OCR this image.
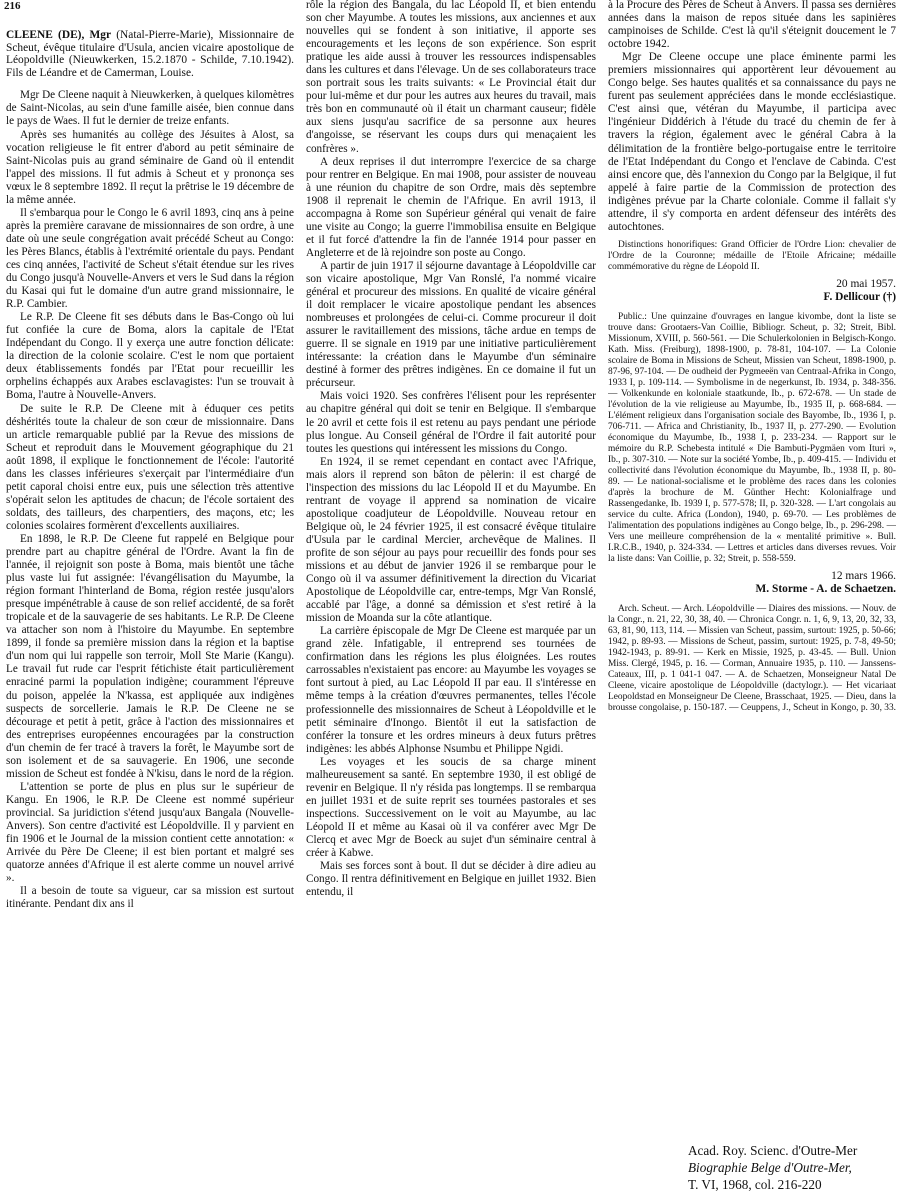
216

CLEENE (DE), Mgr (Natal-Pierre-Marie), Missionnaire de Scheut, évêque titulaire d'Usula, ancien vicaire apostolique de Léopoldville (Nieuwkerken, 15.2.1870 - Schilde, 7.10.1942). Fils de Léandre et de Camerman, Louise.

Mgr De Cleene naquit à Nieuwkerken, à quelques kilomètres de Saint-Nicolas, au sein d'une famille aisée, bien connue dans le pays de Waes. Il fut le dernier de treize enfants.

Après ses humanités au collège des Jésuites à Alost, sa vocation religieuse le fit entrer d'abord au petit séminaire de Saint-Nicolas puis au grand séminaire de Gand où il entendit l'appel des missions. Il fut admis à Scheut et y prononça ses vœux le 8 septembre 1892. Il reçut la prêtrise le 19 décembre de la même année.

Il s'embarqua pour le Congo le 6 avril 1893, cinq ans à peine après la première caravane de missionnaires de son ordre, à une date où une seule congrégation avait précédé Scheut au Congo: les Pères Blancs, établis à l'extrémité orientale du pays. Pendant ces cinq années, l'activité de Scheut s'était étendue sur les rives du Congo jusqu'à Nouvelle-Anvers et vers le Sud dans la région du Kasai qui fut le domaine d'un autre grand missionnaire, le R.P. Cambier.

Le R.P. De Cleene fit ses débuts dans le Bas-Congo où lui fut confiée la cure de Boma, alors la capitale de l'Etat Indépendant du Congo. Il y exerça une autre fonction délicate: la direction de la colonie scolaire. C'est le nom que portaient deux établissements fondés par l'Etat pour recueillir les orphelins échappés aux Arabes esclavagistes: l'un se trouvait à Boma, l'autre à Nouvelle-Anvers.

De suite le R.P. De Cleene mit à éduquer ces petits déshérités toute la chaleur de son cœur de missionnaire. Dans un article remarquable publié par la Revue des missions de Scheut et reproduit dans le Mouvement géographique du 21 août 1898, il explique le fonctionnement de l'école: l'autorité dans les classes inférieures s'exerçait par l'intermédiaire d'un petit caporal choisi entre eux, puis une sélection très attentive s'opérait selon les aptitudes de chacun; de l'école sortaient des soldats, des tailleurs, des charpentiers, des maçons, etc; les colonies scolaires formèrent d'excellents auxiliaires.

En 1898, le R.P. De Cleene fut rappelé en Belgique pour prendre part au chapitre général de l'Ordre. Avant la fin de l'année, il rejoignit son poste à Boma, mais bientôt une tâche plus vaste lui fut assignée: l'évangélisation du Mayumbe, la région formant l'hinterland de Boma, région restée jusqu'alors presque impénétrable à cause de son relief accidenté, de sa forêt tropicale et de la sauvagerie de ses habitants. Le R.P. De Cleene va attacher son nom à l'histoire du Mayumbe. En septembre 1899, il fonde sa première mission dans la région et la baptise d'un nom qui lui rappelle son terroir, Moll Ste Marie (Kangu). Le travail fut rude car l'esprit fétichiste était particulièrement enraciné parmi la population indigène; couramment l'épreuve du poison, appelée la N'kassa, est appliquée aux indigènes suspects de sorcellerie. Jamais le R.P. De Cleene ne se décourage et petit à petit, grâce à l'action des missionnaires et des entreprises européennes encouragées par la construction d'un chemin de fer tracé à travers la forêt, le Mayumbe sort de son isolement et de sa sauvagerie. En 1906, une seconde mission de Scheut est fondée à N'kisu, dans le nord de la région.

L'attention se porte de plus en plus sur le supérieur de Kangu. En 1906, le R.P. De Cleene est nommé supérieur provincial. Sa juridiction s'étend jusqu'aux Bangala (Nouvelle-Anvers). Son centre d'activité est Léopoldville. Il y parvient en fin 1906 et le Journal de la mission contient cette annotation: « Arrivée du Père De Cleene; il est bien portant et malgré ses quatorze années d'Afrique il est alerte comme un nouvel arrivé ».

Il a besoin de toute sa vigueur, car sa mission est surtout itinérante. Pendant dix ans il

rôle la région des Bangala, du lac Léopold II, et bien entendu son cher Mayumbe. A toutes les missions, aux anciennes et aux nouvelles qui se fondent à son initiative, il apporte ses encouragements et les leçons de son expérience. Son esprit pratique les aide aussi à trouver les ressources indispensables dans les cultures et dans l'élevage. Un de ses collaborateurs trace son portrait sous les traits suivants: « Le Provincial était dur pour lui-même et dur pour les autres aux heures du travail, mais très bon en communauté où il était un charmant causeur; fidèle aux siens jusqu'au sacrifice de sa personne aux heures d'angoisse, se réservant les coups durs qui menaçaient les confrères ».

A deux reprises il dut interrompre l'exercice de sa charge pour rentrer en Belgique. En mai 1908, pour assister de nouveau à une réunion du chapitre de son Ordre, mais dès septembre 1908 il reprenait le chemin de l'Afrique. En avril 1913, il accompagna à Rome son Supérieur général qui venait de faire une visite au Congo; la guerre l'immobilisa ensuite en Belgique et il fut forcé d'attendre la fin de l'année 1914 pour passer en Angleterre et de là rejoindre son poste au Congo.

A partir de juin 1917 il séjourne davantage à Léopoldville car son vicaire apostolique, Mgr Van Ronslé, l'a nommé vicaire général et procureur des missions. En qualité de vicaire général il doit remplacer le vicaire apostolique pendant les absences nombreuses et prolongées de celui-ci. Comme procureur il doit assurer le ravitaillement des missions, tâche ardue en temps de guerre. Il se signale en 1919 par une initiative particulièrement intéressante: la création dans le Mayumbe d'un séminaire destiné à former des prêtres indigènes. En ce domaine il fut un précurseur.

Mais voici 1920. Ses confrères l'élisent pour les représenter au chapitre général qui doit se tenir en Belgique. Il s'embarque le 20 avril et cette fois il est retenu au pays pendant une période plus longue. Au Conseil général de l'Ordre il fait autorité pour toutes les questions qui intéressent les missions du Congo.

En 1924, il se remet cependant en contact avec l'Afrique, mais alors il reprend son bâton de pèlerin: il est chargé de l'inspection des missions du lac Léopold II et du Mayumbe. En rentrant de voyage il apprend sa nomination de vicaire apostolique coadjuteur de Léopoldville. Nouveau retour en Belgique où, le 24 février 1925, il est consacré évêque titulaire d'Usula par le cardinal Mercier, archevêque de Malines. Il profite de son séjour au pays pour recueillir des fonds pour ses missions et au début de janvier 1926 il se rembarque pour le Congo où il va assumer définitivement la direction du Vicariat Apostolique de Léopoldville car, entre-temps, Mgr Van Ronslé, accablé par l'âge, a donné sa démission et s'est retiré à la mission de Moanda sur la côte atlantique.

La carrière épiscopale de Mgr De Cleene est marquée par un grand zèle. Infatigable, il entreprend ses tournées de confirmation dans les régions les plus éloignées. Les routes carrossables n'existaient pas encore: au Mayumbe les voyages se font surtout à pied, au Lac Léopold II par eau. Il s'intéresse en même temps à la création d'œuvres permanentes, telles l'école professionnelle des missionnaires de Scheut à Léopoldville et le petit séminaire d'Inongo. Bientôt il eut la satisfaction de conférer la tonsure et les ordres mineurs à deux futurs prêtres indigènes: les abbés Alphonse Nsumbu et Philippe Ngidi.

Les voyages et les soucis de sa charge minent malheureusement sa santé. En septembre 1930, il est obligé de revenir en Belgique. Il n'y résida pas longtemps. Il se rembarqua en juillet 1931 et de suite reprit ses tournées pastorales et ses inspections. Successivement on le voit au Mayumbe, au lac Léopold II et même au Kasai où il va conférer avec Mgr De Clercq et avec Mgr de Boeck au sujet d'un séminaire central à créer à Kabwe.

Mais ses forces sont à bout. Il dut se décider à dire adieu au Congo. Il rentra définitivement en Belgique en juillet 1932. Bien entendu, il

à la Procure des Pères de Scheut à Anvers. Il passa ses dernières années dans la maison de repos située dans les sapinières campinoises de Schilde. C'est là qu'il s'éteignit doucement le 7 octobre 1942.

Mgr De Cleene occupe une place éminente parmi les premiers missionnaires qui apportèrent leur dévouement au Congo belge. Ses hautes qualités et sa connaissance du pays ne furent pas seulement appréciées dans le monde ecclésiastique. C'est ainsi que, vétéran du Mayumbe, il participa avec l'ingénieur Diddérich à l'étude du tracé du chemin de fer à travers la région, également avec le général Cabra à la délimitation de la frontière belgo-portugaise entre le territoire de l'Etat Indépendant du Congo et l'enclave de Cabinda. C'est ainsi encore que, dès l'annexion du Congo par la Belgique, il fut appelé à faire partie de la Commission de protection des indigènes prévue par la Charte coloniale. Comme il fallait s'y attendre, il s'y comporta en ardent défenseur des intérêts des autochtones.

Distinctions honorifiques: Grand Officier de l'Ordre Lion: chevalier de l'Ordre de la Couronne; médaille de l'Etoile Africaine; médaille commémorative du règne de Léopold II.

20 mai 1957.
F. Dellicour (†)

Public.: Une quinzaine d'ouvrages en langue kivombe, dont la liste se trouve dans: Grootaers-Van Coillie, Bibliogr. Scheut, p. 32; Streit, Bibl. Missionum, XVIII, p. 560-561. — Die Schulerkolonien in Belgisch-Kongo. Kath. Miss. (Freiburg), 1898-1900, p. 78-81, 104-107. — La Colonie scolaire de Boma in Missions de Scheut, Missien van Scheut, 1898-1900, p. 87-96, 97-104. — De oudheid der Pygmeeën van Centraal-Afrika in Congo, 1933 I, p. 109-114. — Symbolisme in de negerkunst, Ib. 1934, p. 348-356. — Volkenkunde en koloniale staatkunde, Ib., p. 672-678. — Un stade de l'évolution de la vie religieuse au Mayumbe, Ib., 1935 II, p. 668-684. — L'élément religieux dans l'organisation sociale des Bayombe, Ib., 1936 I, p. 706-711. — Africa and Christianity, Ib., 1937 II, p. 277-290. — Evolution économique du Mayumbe, Ib., 1938 I, p. 233-234. — Rapport sur le mémoire du R.P. Schebesta intitulé « Die Bambuti-Pygmäen vom Ituri », Ib., p. 307-310. — Note sur la société Yombe, Ib., p. 409-415. — Individu et collectivité dans l'évolution économique du Mayumbe, Ib., 1938 II, p. 80-89. — Le national-socialisme et le problème des races dans les colonies d'après la brochure de M. Günther Hecht: Kolonialfrage und Rassengedanke, Ib. 1939 I, p. 577-578; II, p. 320-328. — L'art congolais au service du culte. Africa (London), 1940, p. 69-70. — Les problèmes de l'alimentation des populations indigènes au Congo belge, Ib., p. 296-298. — Vers une meilleure compréhension de la « mentalité primitive ». Bull. I.R.C.B., 1940, p. 324-334. — Lettres et articles dans diverses revues. Voir la liste dans: Van Coillie, p. 32; Streit, p. 558-559.

12 mars 1966.
M. Storme - A. de Schaetzen.

Arch. Scheut. — Arch. Léopoldville — Diaires des missions. — Nouv. de la Congr., n. 21, 22, 30, 38, 40. — Chronica Congr. n. 1, 6, 9, 13, 20, 32, 33, 63, 81, 90, 113, 114. — Missien van Scheut, passim, surtout: 1925, p. 50-66; 1942, p. 89-93. — Missions de Scheut, passim, surtout: 1925, p. 7-8, 49-50; 1942-1943, p. 89-91. — Kerk en Missie, 1925, p. 43-45. — Bull. Union Miss. Clergé, 1945, p. 16. — Corman, Annuaire 1935, p. 110. — Janssens-Cateaux, III, p. 1 041-1 047. — A. de Schaetzen, Monseigneur Natal De Cleene, vicaire apostolique de Léopoldville (dactylogr.). — Het vicariaat Leopoldstad en Monseigneur De Cleene, Brasschaat, 1925. — Dieu, dans la brousse congolaise, p. 150-187. — Ceuppens, J., Scheut in Kongo, p. 30, 33.

Acad. Roy. Scienc. d'Outre-Mer
Biographie Belge d'Outre-Mer,
T. VI, 1968, col. 216-220
